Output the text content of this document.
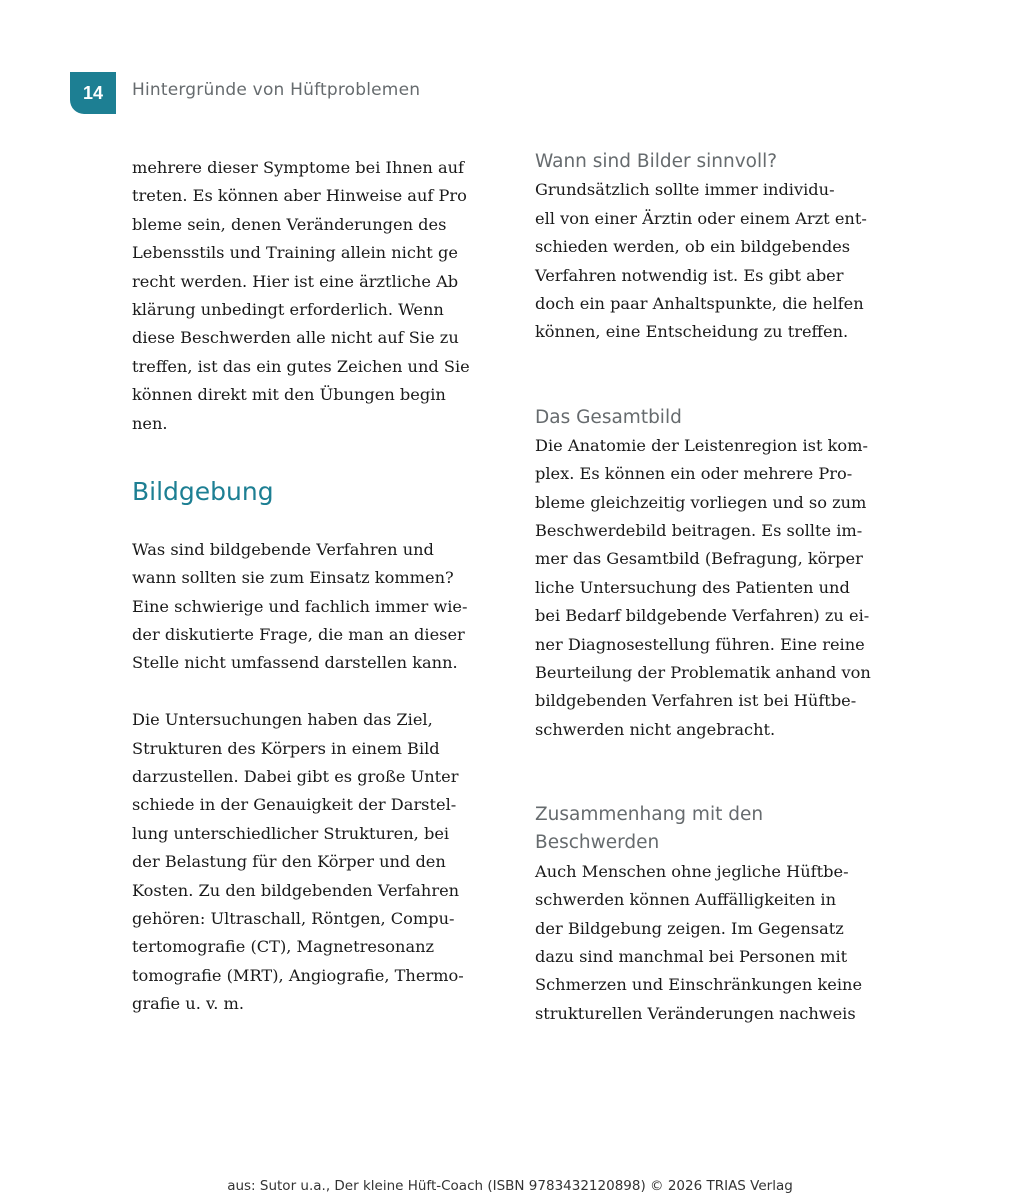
14 Hintergründe von Hüftproblemen
mehrere dieser Symptome bei Ihnen auf
treten. Es können aber Hinweise auf Pro
bleme sein, denen Veränderungen des
Lebensstils und Training allein nicht ge
recht werden. Hier ist eine ärztliche Ab
klärung unbedingt erforderlich. Wenn
diese Beschwerden alle nicht auf Sie zu
treffen, ist das ein gutes Zeichen und Sie
können direkt mit den Übungen begin
nen.
Bildgebung
Was sind bildgebende Verfahren und
wann sollten sie zum Einsatz kommen?
Eine schwierige und fachlich immer wie-
der diskutierte Frage, die man an dieser
Stelle nicht umfassend darstellen kann.
Die Untersuchungen haben das Ziel,
Strukturen des Körpers in einem Bild
darzustellen. Dabei gibt es große Unter
schiede in der Genauigkeit der Darstel-
lung unterschiedlicher Strukturen, bei
der Belastung für den Körper und den
Kosten. Zu den bildgebenden Verfahren
gehören: Ultraschall, Röntgen, Compu-
tertomografie (CT), Magnetresonanz
tomografie (MRT), Angiografie, Thermo-
grafie u. v. m.
Wann sind Bilder sinnvoll?
Grundsätzlich sollte immer individu-
ell von einer Ärztin oder einem Arzt ent-
schieden werden, ob ein bildgebendes
Verfahren notwendig ist. Es gibt aber
doch ein paar Anhaltspunkte, die helfen
können, eine Entscheidung zu treffen.
Das Gesamtbild
Die Anatomie der Leistenregion ist kom-
plex. Es können ein oder mehrere Pro-
bleme gleichzeitig vorliegen und so zum
Beschwerdebild beitragen. Es sollte im-
mer das Gesamtbild (Befragung, körper
liche Untersuchung des Patienten und
bei Bedarf bildgebende Verfahren) zu ei-
ner Diagnosestellung führen. Eine reine
Beurteilung der Problematik anhand von
bildgebenden Verfahren ist bei Hüftbe-
schwerden nicht angebracht.
Zusammenhang mit den
Beschwerden
Auch Menschen ohne jegliche Hüftbe-
schwerden können Auffälligkeiten in
der Bildgebung zeigen. Im Gegensatz
dazu sind manchmal bei Personen mit
Schmerzen und Einschränkungen keine
strukturellen Veränderungen nachweis
aus: Sutor u.a., Der kleine Hüft-Coach (ISBN 9783432120898) © 2026 TRIAS Verlag
